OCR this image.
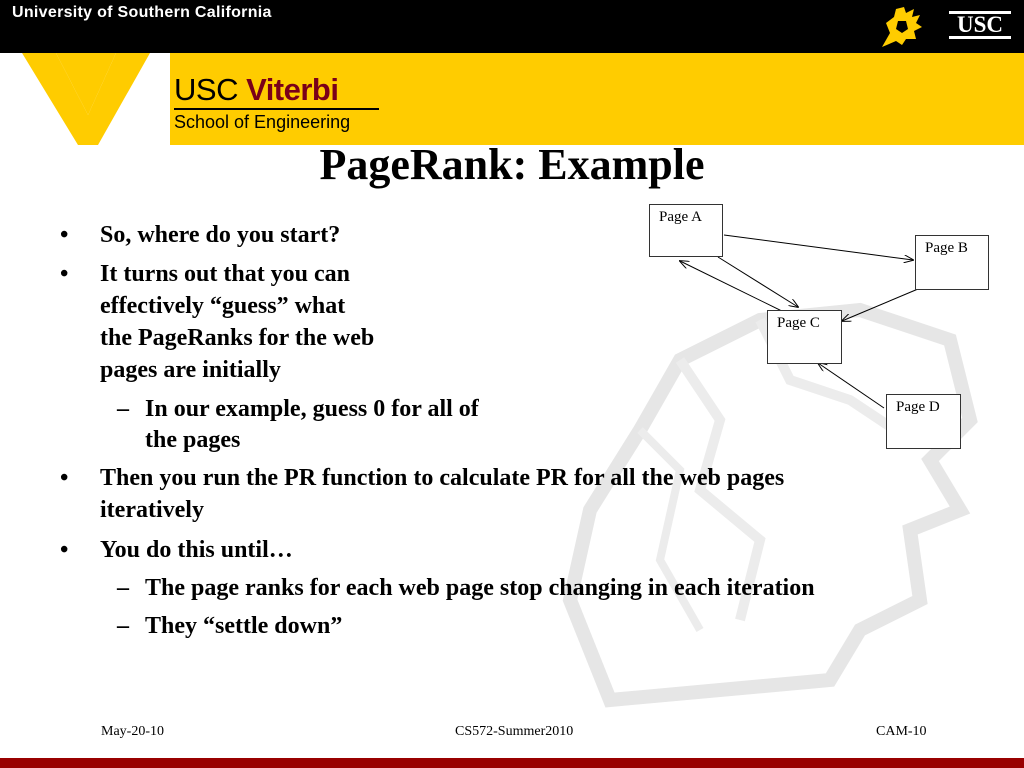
University of Southern California	USC
USC Viterbi
School of Engineering
PageRank: Example
Page A
Page B
Page C
Page D
• So, where do you start?
• It turns out that you can
effectively “guess” what
the PageRanks for the web
pages are initially
– In our example, guess 0 for all of
the pages
• Then you run the PR function to calculate PR for all the web pages
iteratively
• You do this until…
– The page ranks for each web page stop changing in each iteration
– They “settle down”
May-20-10	CS572-Summer2010	CAM-10
